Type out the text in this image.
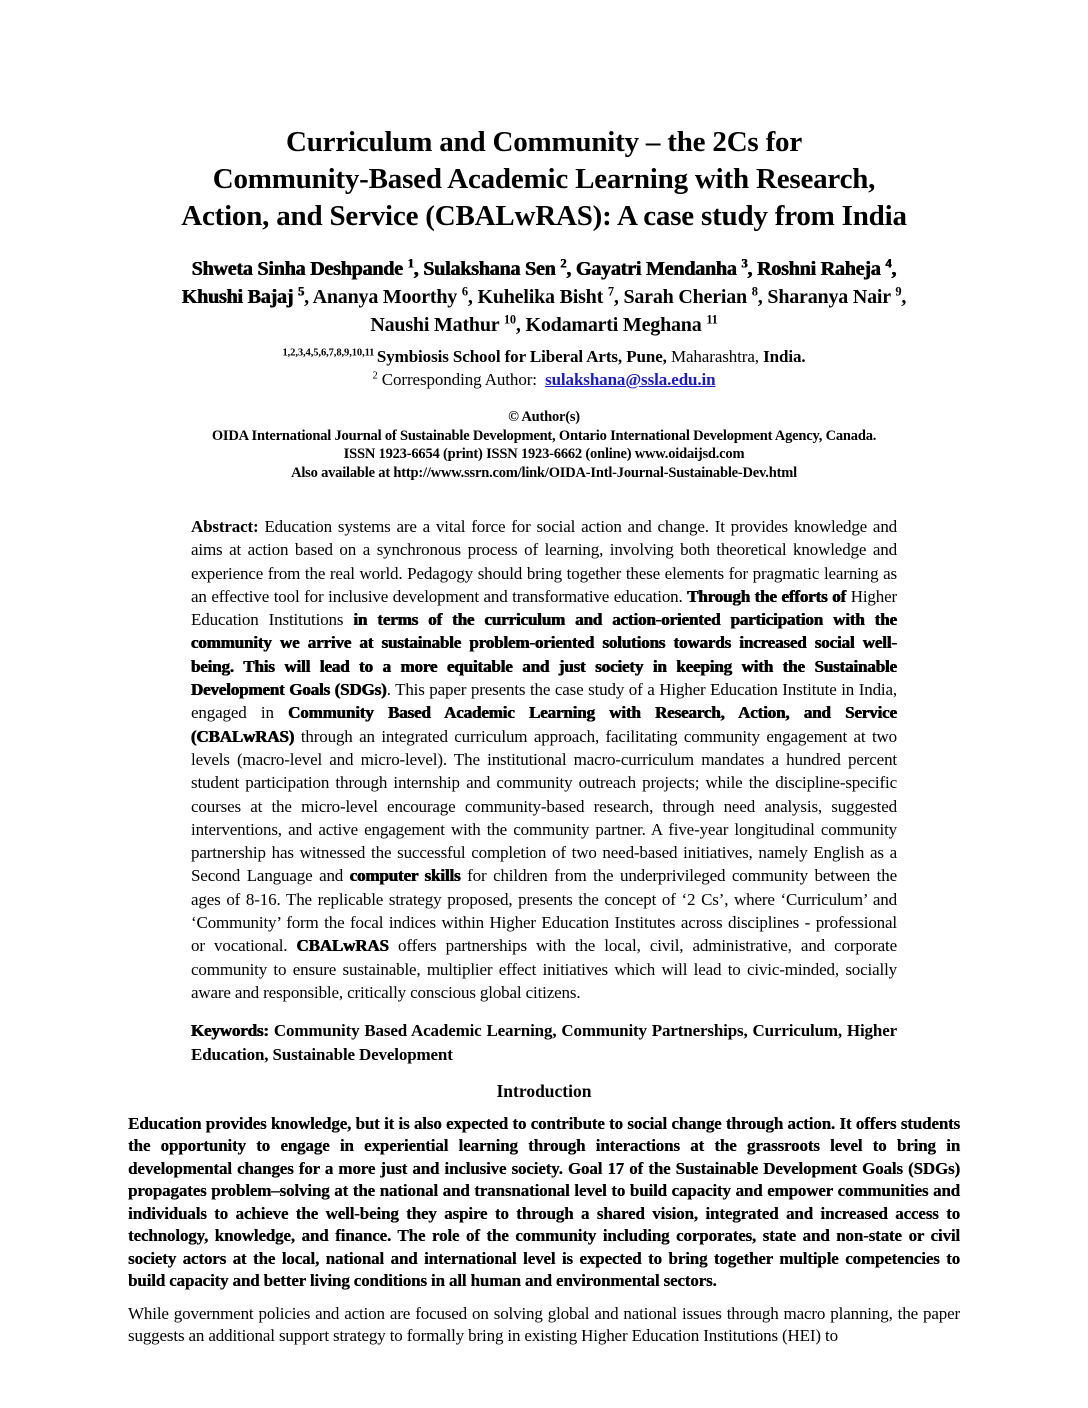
Curriculum and Community – the 2Cs for
Community-Based Academic Learning with Research,
Action, and Service (CBALwRAS): A case study from India
Shweta Sinha Deshpande $^1$, Sulakshana Sen $^2$, Gayatri Mendanha $^3$, Roshni Raheja $^4$,
Khushi Bajaj $^5$, Ananya Moorthy $^6$, Kuhelika Bisht $^7$, Sarah Cherian $^8$, Sharanya Nair $^9$,
Naushi Mathur $^{10}$, Kodamarti Meghana $^{11}$
$^{1,2,3,4,5,6,7,8,9,10,11}$ Symbiosis School for Liberal Arts, Pune, Maharashtra, India.
$^2$ Corresponding Author: sulakshana@ssla.edu.in
© Author(s)
OIDA International Journal of Sustainable Development, Ontario International Development Agency, Canada.
ISSN 1923-6654 (print) ISSN 1923-6662 (online) www.oidaijsd.com
Also available at http://www.ssrn.com/link/OIDA-Intl-Journal-Sustainable-Dev.html

Abstract: Education systems are a vital force for social action and change. It provides knowledge and aims at action based on a synchronous process of learning, involving both theoretical knowledge and experience from the real world. Pedagogy should bring together these elements for pragmatic learning as an effective tool for inclusive development and transformative education. Through the efforts of Higher Education Institutions in terms of the curriculum and action-oriented participation with the community we arrive at sustainable problem-oriented solutions towards increased social well-being. This will lead to a more equitable and just society in keeping with the Sustainable Development Goals (SDGs). This paper presents the case study of a Higher Education Institute in India, engaged in Community Based Academic Learning with Research, Action, and Service (CBALwRAS) through an integrated curriculum approach, facilitating community engagement at two levels (macro-level and micro-level). The institutional macro-curriculum mandates a hundred percent student participation through internship and community outreach projects; while the discipline-specific courses at the micro-level encourage community-based research, through need analysis, suggested interventions, and active engagement with the community partner. A five-year longitudinal community partnership has witnessed the successful completion of two need-based initiatives, namely English as a Second Language and computer skills for children from the underprivileged community between the ages of 8-16. The replicable strategy proposed, presents the concept of ‘2 Cs’, where ‘Curriculum’ and ‘Community’ form the focal indices within Higher Education Institutes across disciplines - professional or vocational. CBALwRAS offers partnerships with the local, civil, administrative, and corporate community to ensure sustainable, multiplier effect initiatives which will lead to civic-minded, socially aware and responsible, critically conscious global citizens.

Keywords: Community Based Academic Learning, Community Partnerships, Curriculum, Higher Education, Sustainable Development

Introduction

Education provides knowledge, but it is also expected to contribute to social change through action. It offers students the opportunity to engage in experiential learning through interactions at the grassroots level to bring in developmental changes for a more just and inclusive society. Goal 17 of the Sustainable Development Goals (SDGs) propagates problem–solving at the national and transnational level to build capacity and empower communities and individuals to achieve the well-being they aspire to through a shared vision, integrated and increased access to technology, knowledge, and finance. The role of the community including corporates, state and non-state or civil society actors at the local, national and international level is expected to bring together multiple competencies to build capacity and better living conditions in all human and environmental sectors.

While government policies and action are focused on solving global and national issues through macro planning, the paper suggests an additional support strategy to formally bring in existing Higher Education Institutions (HEI) to
